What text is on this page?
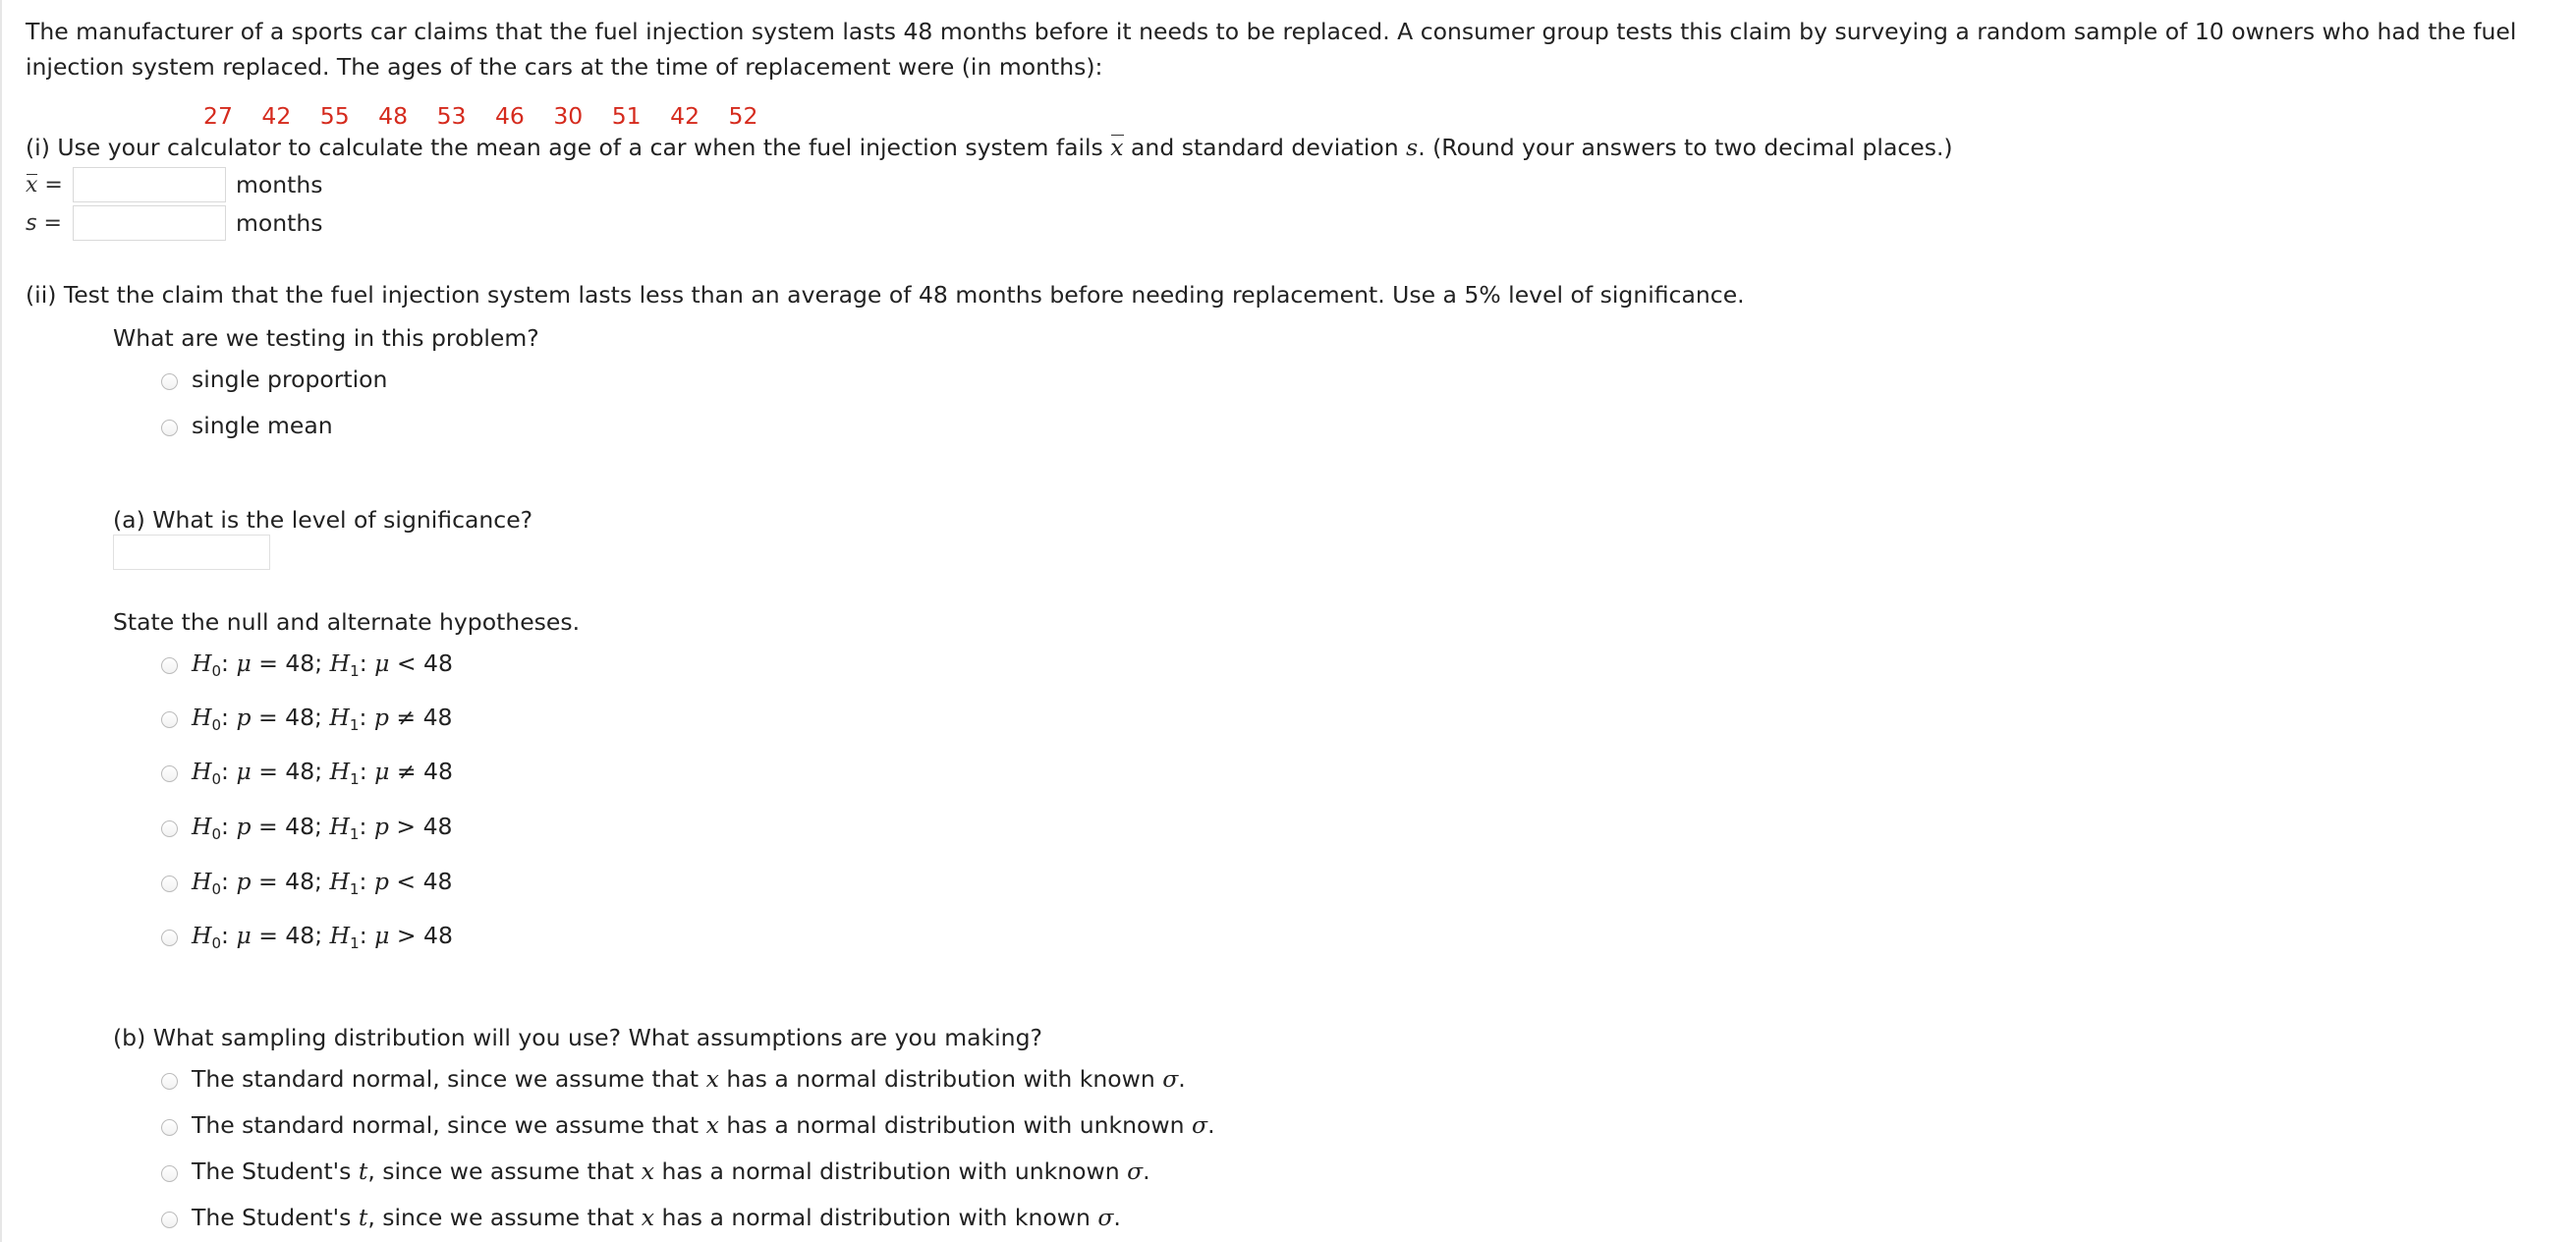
The manufacturer of a sports car claims that the fuel injection system lasts 48 months before it needs to be replaced. A consumer group tests this claim by surveying a random sample of 10 owners who had the fuel injection system replaced. The ages of the cars at the time of replacement were (in months):
27 42 55 48 53 46 30 51 42 52
(i) Use your calculator to calculate the mean age of a car when the fuel injection system fails x and standard deviation s. (Round your answers to two decimal places.)
x =	months
s =	months
(ii) Test the claim that the fuel injection system lasts less than an average of 48 months before needing replacement. Use a 5% level of significance.
What are we testing in this problem?
single proportion
single mean
(a) What is the level of significance?
State the null and alternate hypotheses.
$H_0$: μ = 48; $H_1$: μ < 48
$H_0$: p = 48; $H_1$: p ≠ 48
$H_0$: μ = 48; $H_1$: μ ≠ 48
$H_0$: p = 48; $H_1$: p > 48
$H_0$: p = 48; $H_1$: p < 48
$H_0$: μ = 48; $H_1$: μ > 48
(b) What sampling distribution will you use? What assumptions are you making?
The standard normal, since we assume that x has a normal distribution with known σ.
The standard normal, since we assume that x has a normal distribution with unknown σ.
The Student's t, since we assume that x has a normal distribution with unknown σ.
The Student's t, since we assume that x has a normal distribution with known σ.
